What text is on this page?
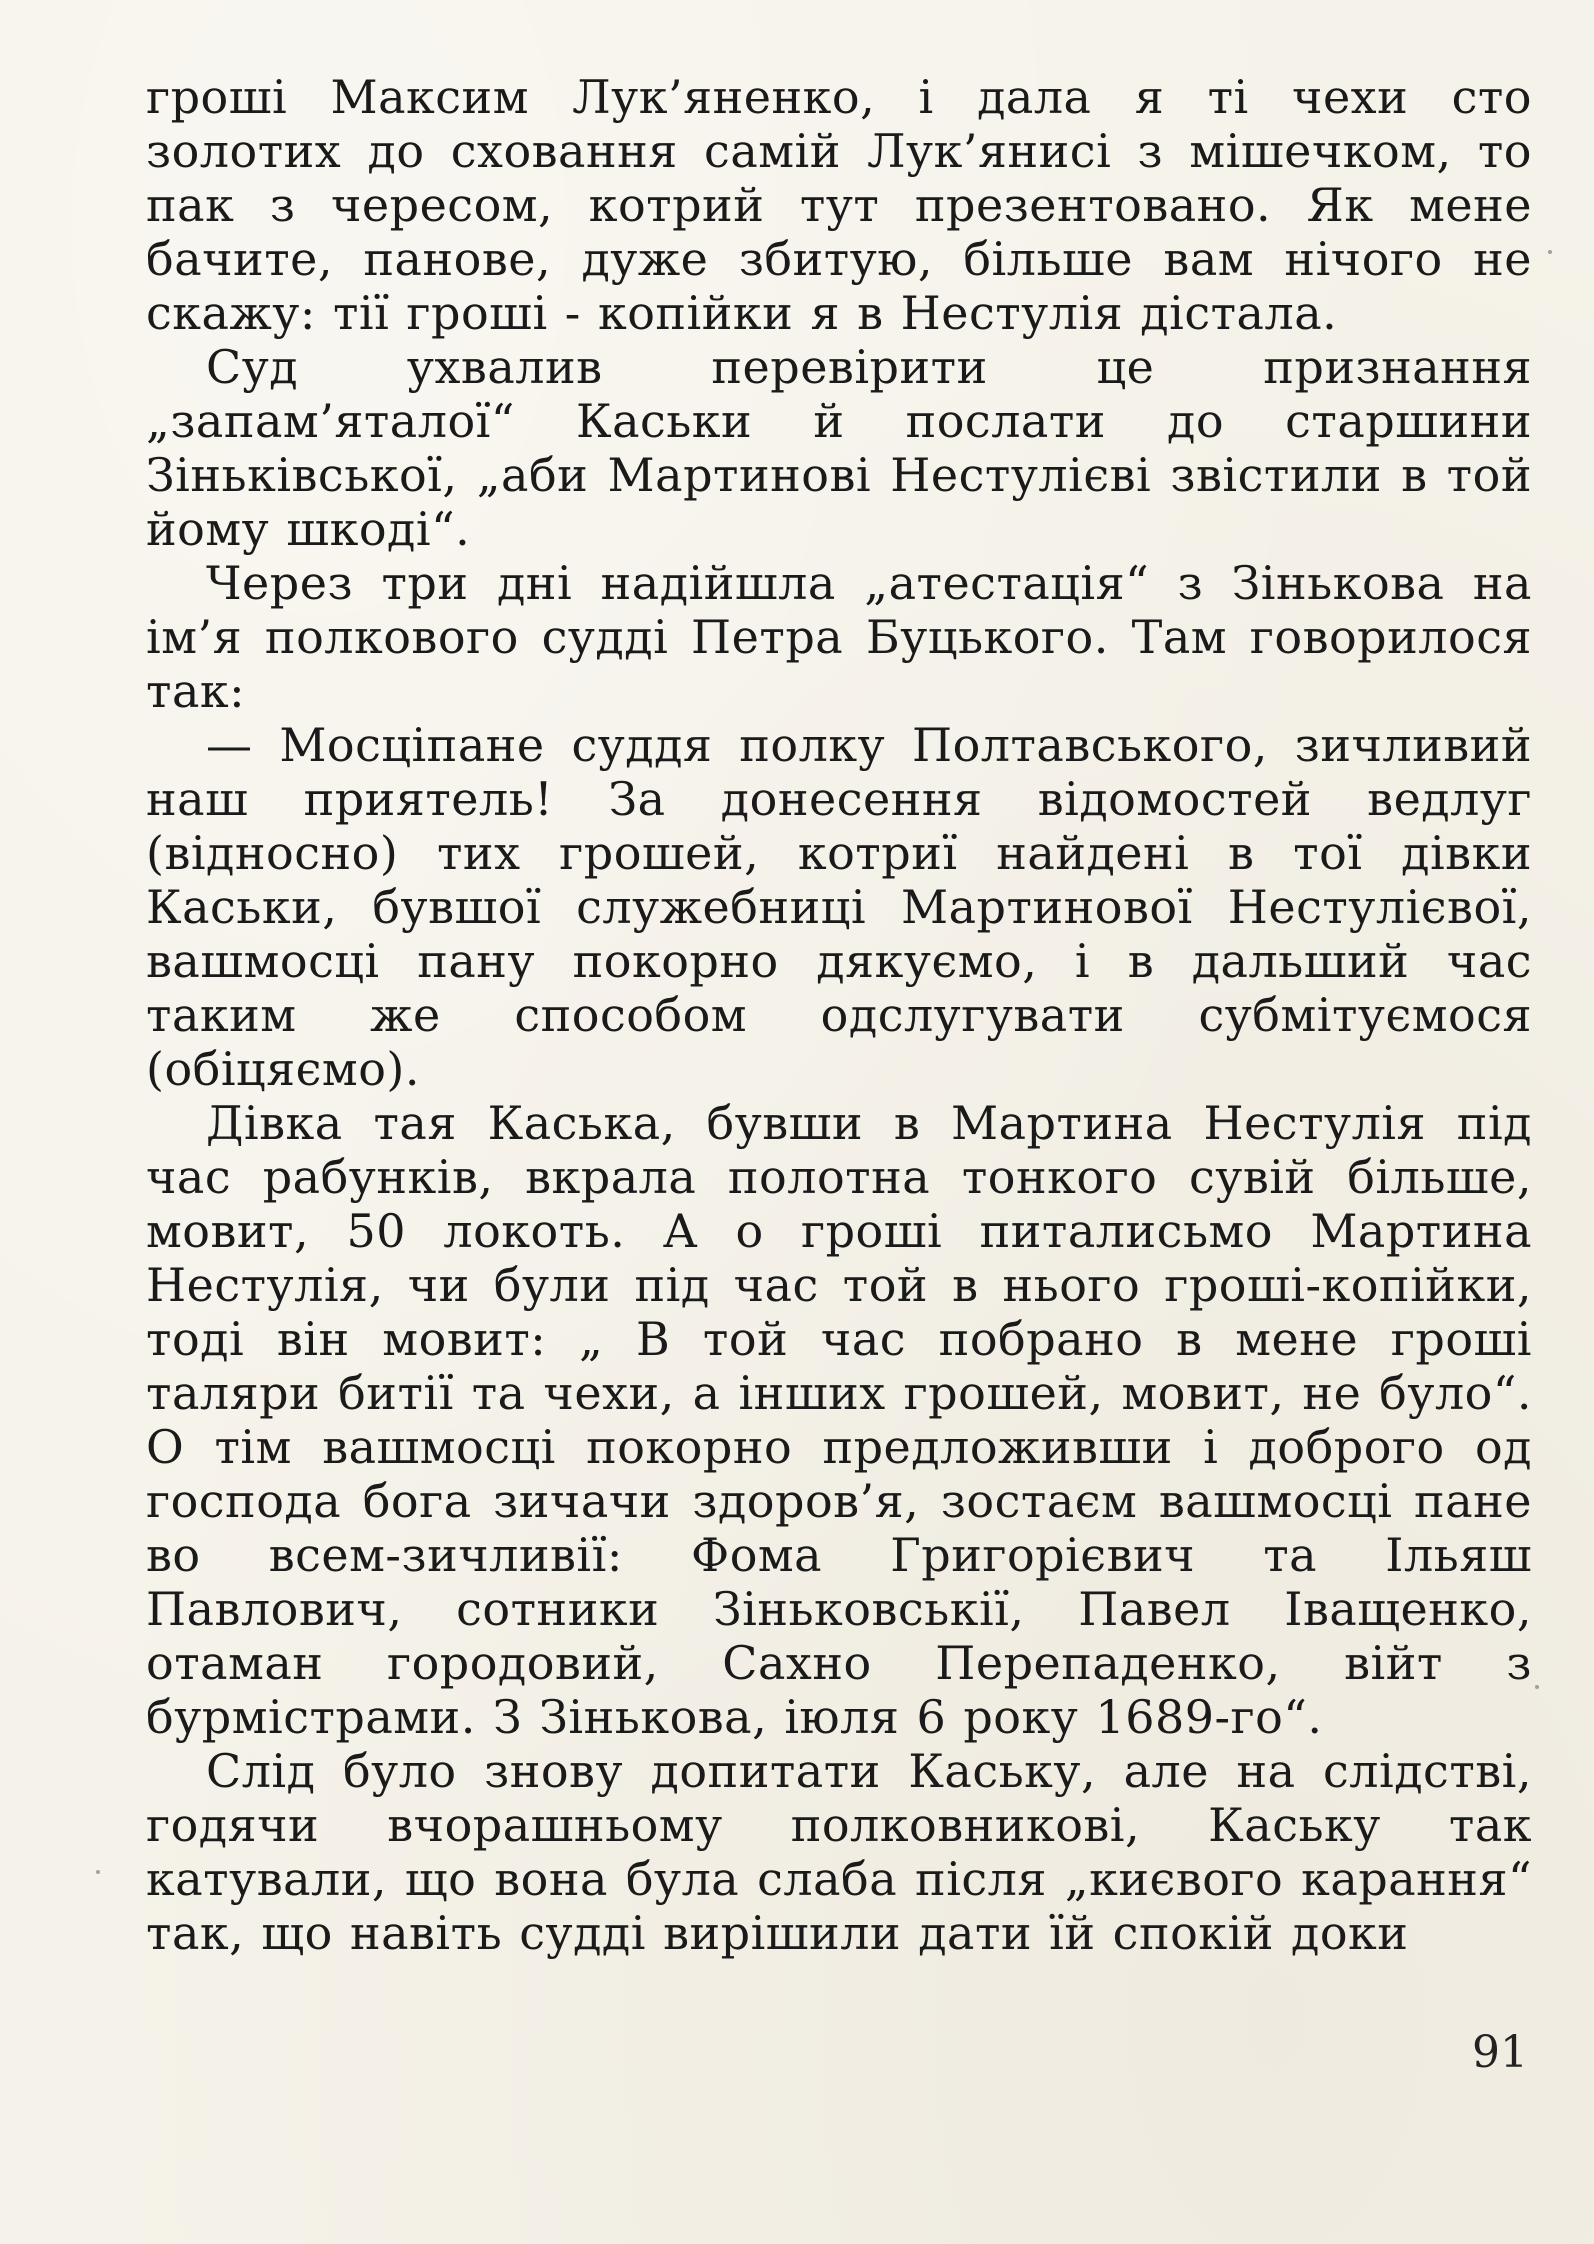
гроші Максим Лук’яненко, і дала я ті чехи сто золотих до сховання самій Лук’янисі з мішечком, то пак з чересом, котрий тут презентовано. Як мене бачите, панове, дуже збитую, більше вам нічого не скажу: тії гроші - копійки я в Нестулія дістала.

Суд ухвалив перевірити це признання „запам’яталої“ Каськи й послати до старшини Зіньківської, „аби Мартинові Нестулієві звістили в той йому шкоді“.

Через три дні надійшла „атестація“ з Зінькова на ім’я полкового судді Петра Буцького. Там говорилося так:

— Мосціпане суддя полку Полтавського, зичливий наш приятель! За донесення відомостей ведлуг (відносно) тих грошей, котриї найдені в тої дівки Каськи, бувшої служебниці Мартинової Нестулієвої, вашмосці пану покорно дякуємо, і в дальший час таким же способом одслугувати субмітуємося (обіцяємо).

Дівка тая Каська, бувши в Мартина Нестулія під час рабунків, вкрала полотна тонкого сувій більше, мовит, 50 локоть. А о гроші питалисьмо Мартина Нестулія, чи були під час той в нього гроші-копійки, тоді він мовит: „ В той час побрано в мене гроші таляри битії та чехи, а інших грошей, мовит, не було“. О тім вашмосці покорно предложивши і доброго од господа бога зичачи здоров’я, зостаєм вашмосці пане во всем-зичливії: Фома Григорієвич та Ільяш Павлович, сотники Зіньковськії, Павел Іващенко, отаман городовий, Сахно Перепаденко, війт з бурмістрами. З Зінькова, іюля 6 року 1689-го“.

Слід було знову допитати Каську, але на слідстві, годячи вчорашньому полковникові, Каську так катували, що вона була слаба після „києвого карання“ так, що навіть судді вирішили дати їй спокій доки

91
